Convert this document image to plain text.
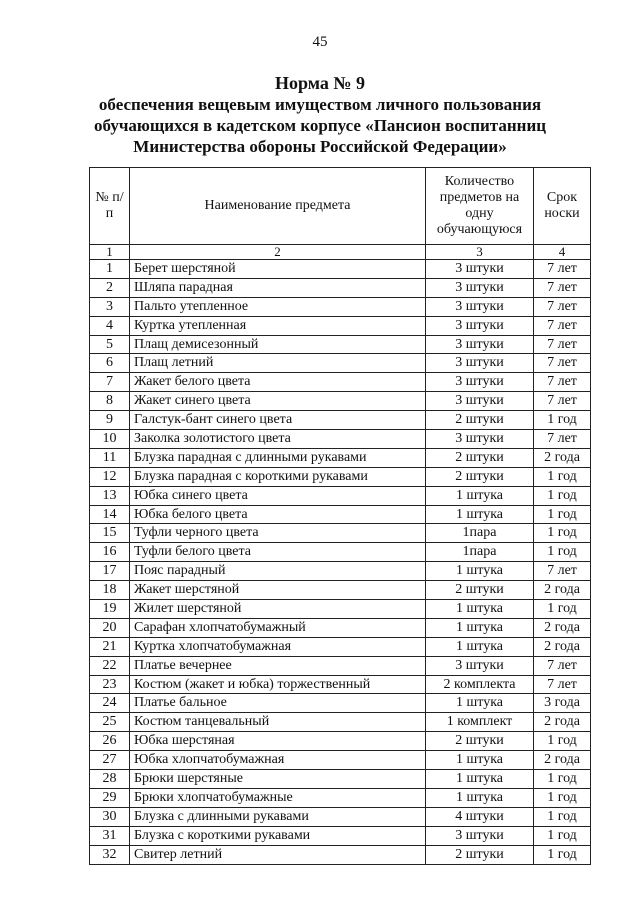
45
Норма № 9
обеспечения вещевым имуществом личного пользования
обучающихся в кадетском корпусе «Пансион воспитанниц
Министерства обороны Российской Федерации»
№ п/п	Наименование предмета	Количество предметов на одну обучающуюся	Срок носки
1	2	3	4
1	Берет шерстяной	3 штуки	7 лет
2	Шляпа парадная	3 штуки	7 лет
3	Пальто утепленное	3 штуки	7 лет
4	Куртка утепленная	3 штуки	7 лет
5	Плащ демисезонный	3 штуки	7 лет
6	Плащ летний	3 штуки	7 лет
7	Жакет белого цвета	3 штуки	7 лет
8	Жакет синего цвета	3 штуки	7 лет
9	Галстук-бант синего цвета	2 штуки	1 год
10	Заколка золотистого цвета	3 штуки	7 лет
11	Блузка парадная с длинными рукавами	2 штуки	2 года
12	Блузка парадная с короткими рукавами	2 штуки	1 год
13	Юбка синего цвета	1 штука	1 год
14	Юбка белого цвета	1 штука	1 год
15	Туфли черного цвета	1пара	1 год
16	Туфли белого цвета	1пара	1 год
17	Пояс парадный	1 штука	7 лет
18	Жакет шерстяной	2 штуки	2 года
19	Жилет шерстяной	1 штука	1 год
20	Сарафан хлопчатобумажный	1 штука	2 года
21	Куртка хлопчатобумажная	1 штука	2 года
22	Платье вечернее	3 штуки	7 лет
23	Костюм (жакет и юбка) торжественный	2 комплекта	7 лет
24	Платье бальное	1 штука	3 года
25	Костюм танцевальный	1 комплект	2 года
26	Юбка шерстяная	2 штуки	1 год
27	Юбка хлопчатобумажная	1 штука	2 года
28	Брюки шерстяные	1 штука	1 год
29	Брюки хлопчатобумажные	1 штука	1 год
30	Блузка с длинными рукавами	4 штуки	1 год
31	Блузка с короткими рукавами	3 штуки	1 год
32	Свитер летний	2 штуки	1 год
